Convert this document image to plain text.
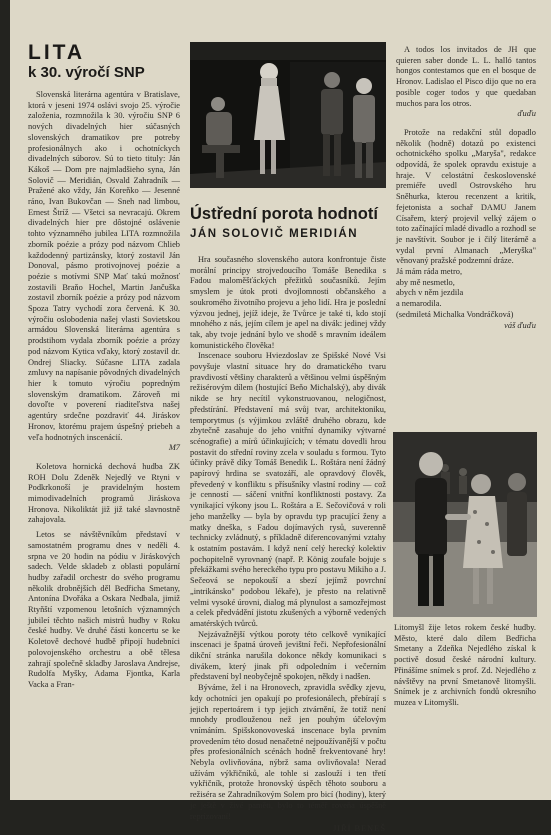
LITA
k 30. výročí SNP

Slovenská literárna agentúra v Bratislave, ktorá v jeseni 1974 oslávi svojo 25. výročie založenia, rozmnožila k 30. výročiu SNP 6 nových divadelných hier súčasných slovenských dramatikov pre potreby profesionálnych ako i ochotníckych divadelných súborov. Sú to tieto tituly: Ján Kákoš — Dom pre najmladšieho syna, Ján Solovič — Meridián, Osvald Zahradník — Pražené ako vždy, Ján Koreňko — Jesenné ráno, Ivan Bukovčan — Sneh nad limbou, Ernest Štríž — Všetci sa nevracajú. Okrem divadelných hier pre dôstojné oslávenie tohto významného jubilea LITA rozmnožila zborník poézie a prózy pod názvom Chlieb každodenný partizánsky, ktorý zostavil Ján Donoval, pásmo protivojnovej poézie a poézie s motívmi SNP Mať takú možnosť zostavili Braňo Hochel, Martin Jančuška zostavil zborník poézie a prózy pod názvom Spoza Tatry vychodí zora červená. K 30. výročiu oslobodenia našej vlasti Sovietskou armádou Slovenská literárna agentúra s prodstihom vydala zborník poézie a prózy pod názvom Kytica vďaky, ktorý zostavil dr. Ondrej Sliacky. Súčasne LITA zadala zmluvy na napísanie pôvodných divadelných hier k tomuto výročiu popredným slovenským dramatikom. Zároveň mi dovoľte v poverení riaditeľstva našej agentúry srdečne pozdraviť 44. Jiráskov Hronov, ktorému prajem úspešný priebeh a veľa hodnotných inscenácií.

M7

Koletova hornická dechová hudba ZK ROH Dolu Zdeněk Nejedlý ve Rtyni v Podkrkonoší je pravidelným hostem mimodivadelních programů Jiráskova Hronova. Nikoliktát již již také slavnostně zahajovala.

Letos se návštěvníkům představí v samostatném programu dnes v neděli 4. srpna ve 20 hodin na pódiu v Jiráskových sadech. Velde skladeb z oblasti populární hudby zařadil orchestr do svého programu několik drobnějších děl Bedřicha Smetany, Antonína Dvořáka a Oskara Nedbala, jimiž Rtyňští vzpomenou letošních významných jubileí těchto našich mistrů hudby v Roku české hudby. Ve druhé části koncertu se ke Koletově dechové hudbě připojí hudebníci polovojenského orchestru a obě tělesa zahrají společně skladby Jaroslava Andrejse, Rudolfa Myšky, Adama Fjontka, Karla Vacka a Fran-

A todos los invitados de JH que quieren saber donde L. L. halló tantos hongos contestamos que en el bosque de Hronov. Ladislao el Pisco dijo que no era posible coger todos y que quedaban muchos para los otros.

ďuďu

Protože na redakční stůl dopadlo několik (hodně) dotazů po existenci ochotnického spolku „Maryša", redakce odpovídá, že spolek opravdu existuje a hraje. V celostátní československé premiéře uvedl Ostrovského hru Sněhurka, kterou recenzent a kritik, fejetonista a sochař DAMU Janem Císařem, který projevil velký zájem o toto začínající mladé divadlo a rozhodl se je navštívit. Soubor je i čilý literárně a vydal první Almanach „Meryška" věnovaný pražské podzemní dráze.

Já mám ráda metro,

aby mě nesmetlo,

abych v něm jezdila

a nemarodila.

(sedmiletá Michalka Vondráčková)

váš ďuďu

Ústřední porota hodnotí
JÁN SOLOVIČ MERIDIÁN

Hra současného slovenského autora konfrontuje čiste morální principy strojvedoucího Tomáše Benedika s Fadou maloměšťáckých přežitků současníků. Jejím smyslem je útok proti dvojlomnosti občanského a soukromého životního projevu a jeho lidí. Hra je poslední výzvou jednej, jejíž ideje, že Tvůrce je také ti, kdo stojí mnohého z nás, jejím cílem je apel na divák: jedinej vždy tak, aby tvoje jednání bylo ve shodě s mravním ideálem komunistického člověka!

Inscenace souboru Hviezdoslav ze Spišské Nové Vsi povyšuje vlastní situace hry do dramatického tvaru pravdivostí většiny charakterů a většinou velmi úspěšným režisérovým dílem (hostující Beňo Michalský), aby divák nikde se hry necítil vykonstruovanou, nelogičnost, předstírání. Představení má svůj tvar, architektoniku, temporytmus (s výjimkou zvláště druhého obrazu, kde zbytečně zasahuje do jeho vnitřní dynamiky výtvarné scénografie) a mírů účinkujících; v tématu dovedli hrou postavit do střední roviny zcela v souladu s formou. Tyto účinky právě díky Tomáš Benedik L. Roštára není žádný papírový hrdina se svatozáří, ale opravdový člověk, převedený v konfliktu s přísušníky vlastní rodiny — což je cenností — sáčení vnitřní konfliktnosti postavy. Za vynikající výkony jsou L. Roštára a E. Sečovičová v roli jeho manželky — byla by opravdu typ pracující ženy a matky dneška, s Fadou dojímavých rysů, suverenně technicky zvládnutý, s příkladně diferencovanými vztahy k ostatním postavám. I když není celý herecký kolektiv pochopitelně vyrovnaný (např. P. König zoufale bojuje s překážkami svého hereckého typu pro postavu Mikiho a J. Sečeová se nepokouší a sbezí jejímž povrchní „intrikánsko" podobou lékaře), je přesto na relativně velmi vysoké úrovni, dialog má plynulost a samozřejmost a celek předvádění jistotu zkušených a výborně vedených amatérských tvůrců.

Nejzávažnější výtkou poroty této celkově vynikající inscenaci je špatná úroveň jevištní řeči. Nepřofesionální dikční stránka narušila dokonce někdy komunikaci s divákem, který jinak při odpoledním i večerním představení byl neobyčejně spokojen, někdy i nadšen.

Býváme, žel i na Hronovech, zpravidla svědky zjevu, kdy ochotníci jen opakují po profesionálech, přebírají s jejich repertoárem i typ jejich ztvárnění, že totiž není mnohdy prodlouženou než jen pouhým účelovým vnímáním. Spišskonovoveská inscenace byla prvním provedením této dosud nenačetné nejpoužívanější v počtu přes profesionálních scénách hodně frekventované hry! Nebyla ovlivňována, nýbrž sama ovlivňovala! Nerad užívám výkřičníků, ale tohle si zaslouží i ten třetí vykřičník, protože hronovský úspěch těhoto souboru a režiséra se Zahradníkovým Solem pro bicí (hodiny), který je ještě v živé paměti, bylo to téměř roveňa úspěšně reprízovaní!

JIŘÍ BENEŠ

Litomyšl žije letos rokem české hudby. Město, které dalo dílem Bedřicha Smetany a Zdeňka Nejedlého získal k poctivě dosud české národní kultury. Přinášíme snímek s prof. Zd. Nejedlého z návštěvy na první Smetanově litomyšli. Snímek je z archivních fondů okresního muzea v Litomyšli.
